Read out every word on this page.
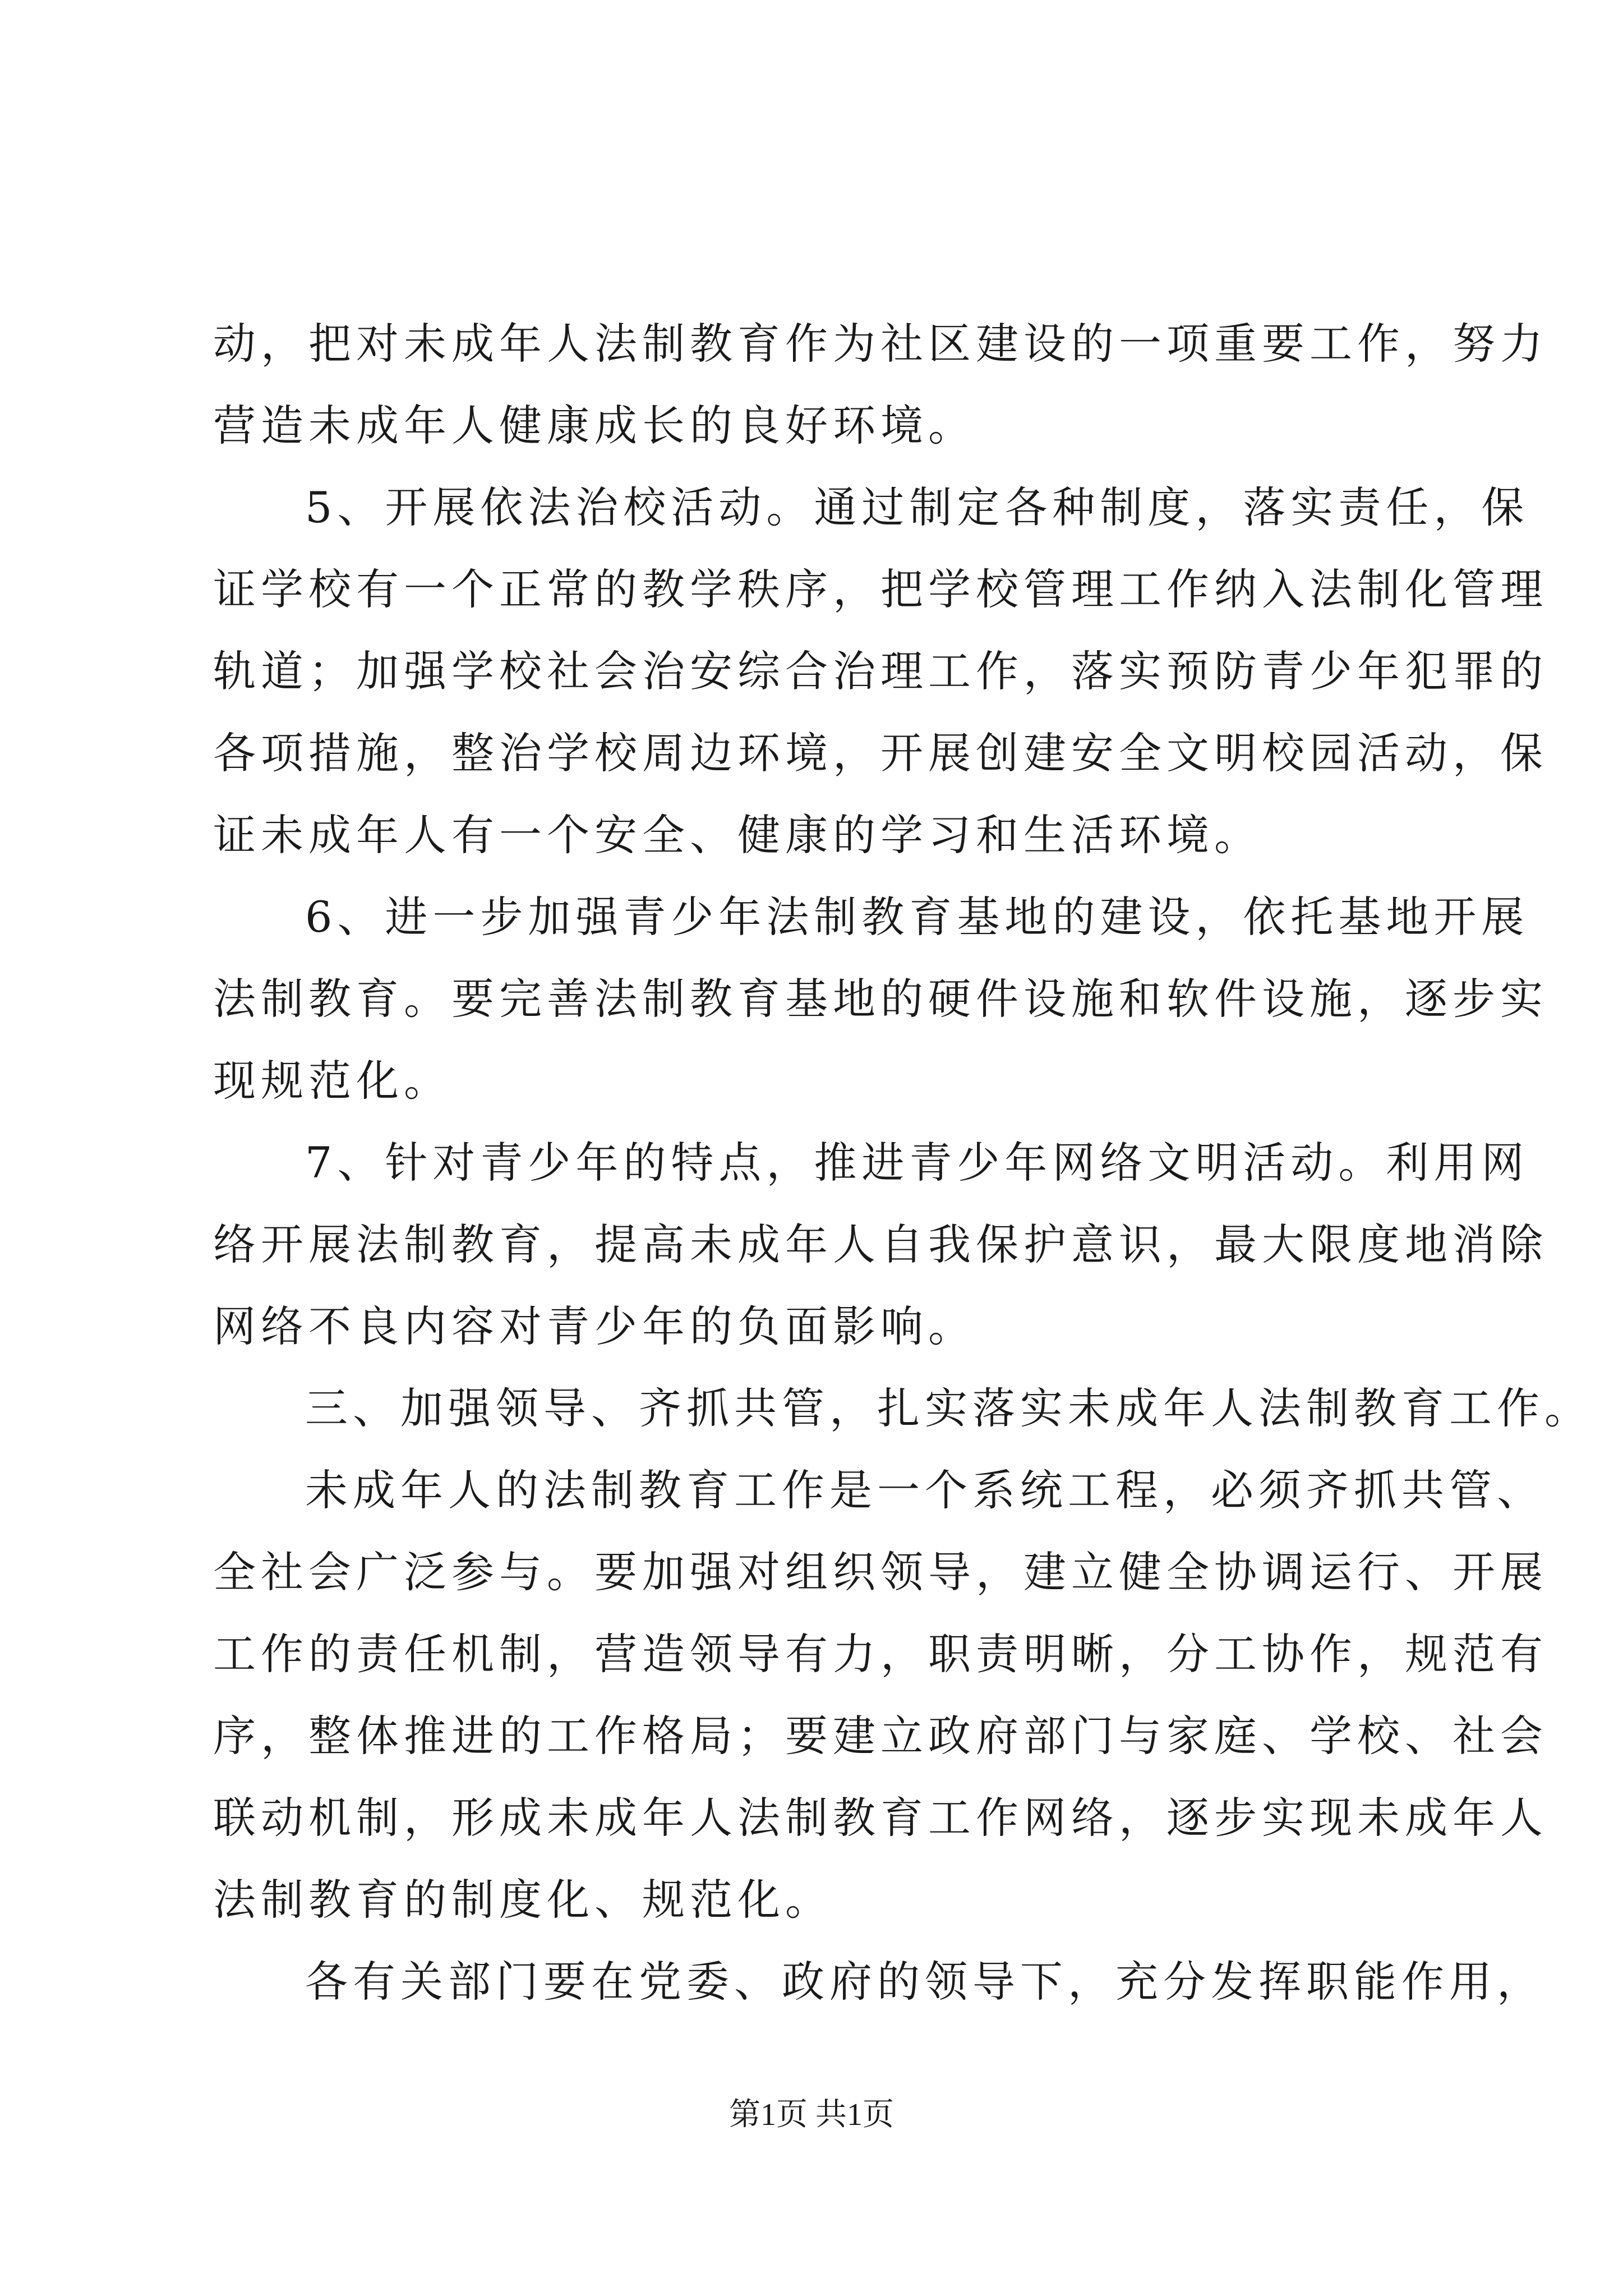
动，把对未成年人法制教育作为社区建设的一项重要工作，努力
营造未成年人健康成长的良好环境。
5、开展依法治校活动。通过制定各种制度，落实责任，保
证学校有一个正常的教学秩序，把学校管理工作纳入法制化管理
轨道；加强学校社会治安综合治理工作，落实预防青少年犯罪的
各项措施，整治学校周边环境，开展创建安全文明校园活动，保
证未成年人有一个安全、健康的学习和生活环境。
6、进一步加强青少年法制教育基地的建设，依托基地开展
法制教育。要完善法制教育基地的硬件设施和软件设施，逐步实
现规范化。
7、针对青少年的特点，推进青少年网络文明活动。利用网
络开展法制教育，提高未成年人自我保护意识，最大限度地消除
网络不良内容对青少年的负面影响。
三、加强领导、齐抓共管，扎实落实未成年人法制教育工作。
未成年人的法制教育工作是一个系统工程，必须齐抓共管、
全社会广泛参与。要加强对组织领导，建立健全协调运行、开展
工作的责任机制，营造领导有力，职责明晰，分工协作，规范有
序，整体推进的工作格局；要建立政府部门与家庭、学校、社会
联动机制，形成未成年人法制教育工作网络，逐步实现未成年人
法制教育的制度化、规范化。
各有关部门要在党委、政府的领导下，充分发挥职能作用，
第1页 共1页
